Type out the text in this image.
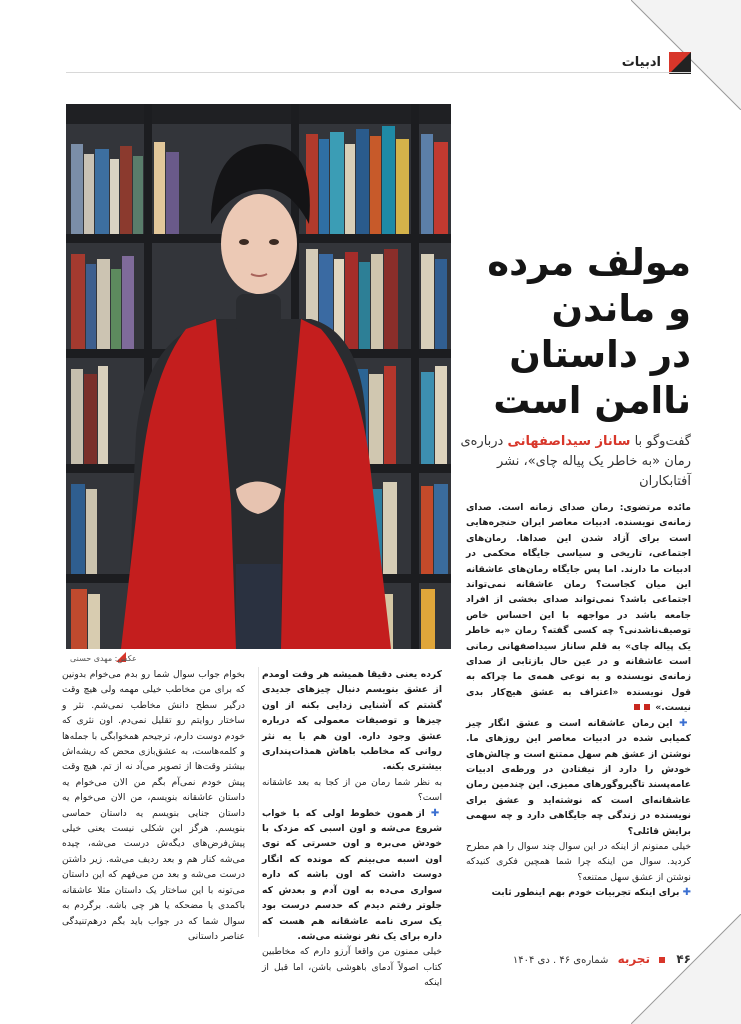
ادبیات
عکس: مهدی حسنی
مولف مرده
و ماندن
در داستان
ناامن است
گفت‌وگو با ساناز سیداصفهانی درباره‌ی رمان «به خاطر یک پیاله چای»، نشر آفتابکاران

مائده مرتضوی: رمان صدای زمانه است. صدای زمانه‌ی نویسنده. ادبیات معاصر ایران حنجره‌هایی است برای آزاد شدن این صداها. رمان‌های اجتماعی، تاریخی و سیاسی جایگاه محکمی در ادبیات ما دارند. اما پس جایگاه رمان‌های عاشقانه این میان کجاست؟ رمان عاشقانه نمی‌تواند اجتماعی باشد؟ نمی‌تواند صدای بخشی از افراد جامعه باشد در مواجهه با این احساس خاص توصیف‌ناشدنی؟ چه کسی گفته؟ رمان «به خاطر یک پیاله چای» به قلم ساناز سیداصفهانی رمانی است عاشقانه و در عین حال بازتابی از صدای زمانه‌ی نویسنده و به نوعی همه‌ی ما چراکه به قول نویسنده «اعتراف به عشق هیچ‌کار بدی نیست.»

✚ این رمان عاشقانه است و عشق انگار چیز کمیابی شده در ادبیات معاصر این روزهای ما. نوشتن از عشق هم سهل ممتنع است و چالش‌های خودش را دارد از نیفتادن در ورطه‌ی ادبیات عامه‌پسند تاگیروگورهای ممیزی. این چندمین رمان عاشقانه‌ای است که نوشته‌اید و عشق برای نویسنده در زندگی چه جایگاهی دارد و چه سهمی برایش قائلی؟

خیلی ممنونم از اینکه در این سوال چند سوال را هم مطرح کردید. سوال من اینکه چرا شما همچین فکری کنیدکه نوشتن از عشق سهل ممتنعه؟

✚ برای اینکه تجربیات خودم بهم اینطور ثابت

کرده یعنی دقیقا همیشه هر وقت اومدم از عشق بنویسم دنبال چیزهای جدیدی گشتم که آشنایی زدایی بکنه از اون چیزها و توصیفات معمولی که درباره عشق وجود داره. اون هم با یه نثر روانی که مخاطب باهاش همذات‌پنداری بیشتری بکنه.

به نظر شما رمان من از کجا به بعد عاشقانه است؟

✚ از همون خطوط اولی که با خواب شروع می‌شه و اون اسبی که مزدک با خودش می‌بره و اون حسرتی که توی اون اسبه می‌بینم که مونده که انگار دوست داشت که اون باشه که داره سواری می‌ده به اون آدم و بعدش که جلوتر رفتم دیدم که حدسم درست بود یک سری نامه عاشقانه هم هست که داره برای یک نفر نوشته می‌شه.

خیلی ممنون من واقعا آرزو دارم که مخاطبین کتاب اصولاً آدمای باهوشی باشن، اما قبل از اینکه

بخوام جواب سوال شما رو بدم می‌خوام بدونین که برای من مخاطب خیلی مهمه ولی هیچ وقت درگیر سطح دانش مخاطب نمی‌شم. نثر و ساختار روایتم رو تقلیل نمی‌دم. اون نثری که خودم دوست دارم، ترجیحم همخوابگی با جمله‌ها و کلمه‌هاست، به عشق‌بازی محض که ریشه‌اش بیشتر وقت‌ها از تصویر می‌آد نه از تم. هیچ وقت پیش خودم نمی‌آم بگم من الان می‌خوام یه داستان عاشقانه بنویسم، من الان می‌خوام یه داستان جنایی بنویسم یه داستان حماسی بنویسم. هرگز این شکلی نیست یعنی خیلی پیش‌فرض‌های دیگه‌ش درست می‌شه، چیده می‌شه کنار هم و بعد ردیف می‌شه. زیر داشتن درست می‌شه و بعد من می‌فهم که این داستان می‌تونه با این ساختار یک داستان مثلا عاشقانه باکمدی یا مضحکه یا هر چی باشه. برگردم به سوال شما که در جواب باید بگم درهم‌تنیدگی عناصر داستانی

۴۶  تجربه شماره‌ی ۴۶ . دی ۱۴۰۴
